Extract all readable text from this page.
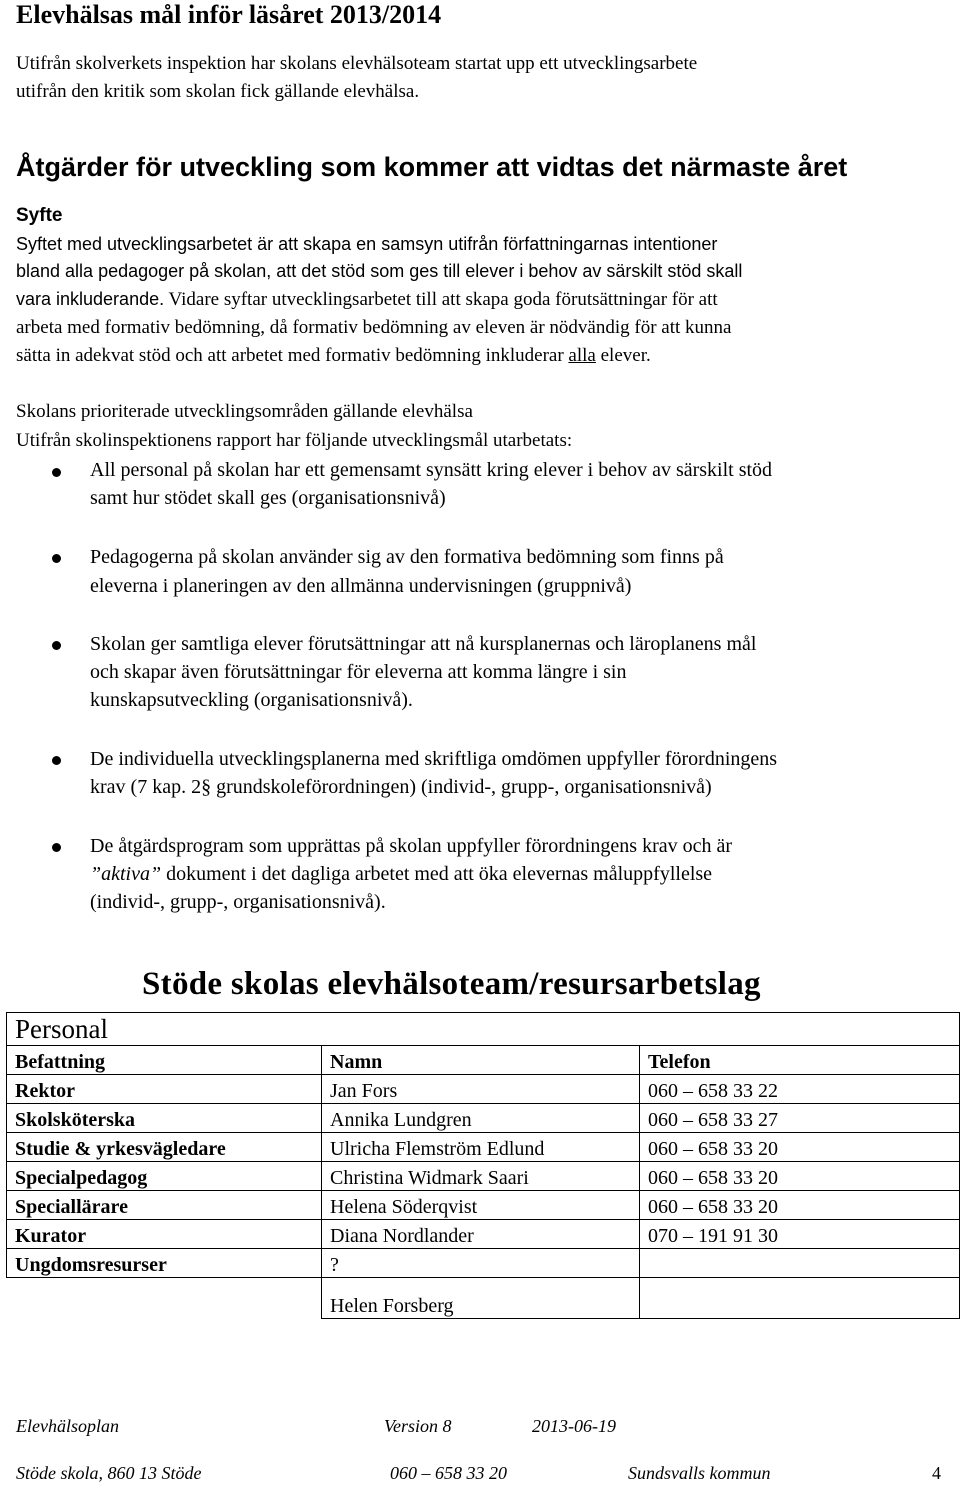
Elevhälsas mål inför läsåret 2013/2014
Utifrån skolverkets inspektion har skolans elevhälsoteam startat upp ett utvecklingsarbete
utifrån den kritik som skolan fick gällande elevhälsa.
Åtgärder för utveckling som kommer att vidtas det närmaste året
Syfte
Syftet med utvecklingsarbetet är att skapa en samsyn utifrån författningarnas intentioner
bland alla pedagoger på skolan, att det stöd som ges till elever i behov av särskilt stöd skall
vara inkluderande. Vidare syftar utvecklingsarbetet till att skapa goda förutsättningar för att
arbeta med formativ bedömning, då formativ bedömning av eleven är nödvändig för att kunna
sätta in adekvat stöd och att arbetet med formativ bedömning inkluderar alla elever.
Skolans prioriterade utvecklingsområden gällande elevhälsa
Utifrån skolinspektionens rapport har följande utvecklingsmål utarbetats:
All personal på skolan har ett gemensamt synsätt kring elever i behov av särskilt stöd
samt hur stödet skall ges (organisationsnivå)
Pedagogerna på skolan använder sig av den formativa bedömning som finns på
eleverna i planeringen av den allmänna undervisningen (gruppnivå)
Skolan ger samtliga elever förutsättningar att nå kursplanernas och läroplanens mål
och skapar även förutsättningar för eleverna att komma längre i sin
kunskapsutveckling (organisationsnivå).
De individuella utvecklingsplanerna med skriftliga omdömen uppfyller förordningens
krav (7 kap. 2§ grundskoleförordningen) (individ-, grupp-, organisationsnivå)
De åtgärdsprogram som upprättas på skolan uppfyller förordningens krav och är
”aktiva” dokument i det dagliga arbetet med att öka elevernas måluppfyllelse
(individ-, grupp-, organisationsnivå).
Stöde skolas elevhälsoteam/resursarbetslag
Personal		
Befattning	Namn	Telefon
Rektor	Jan Fors	060 – 658 33 22
Skolsköterska	Annika Lundgren	060 – 658 33 27
Studie & yrkesvägledare	Ulricha Flemström Edlund	060 – 658 33 20
Specialpedagog	Christina Widmark Saari	060 – 658 33 20
Speciallärare	Helena Söderqvist	060 – 658 33 20
Kurator	Diana Nordlander	070 – 191 91 30
Ungdomsresurser	?	
	Helen Forsberg	
Elevhälsoplan	Version 8	2013-06-19
Stöde skola, 860 13 Stöde	060 – 658 33 20	Sundsvalls kommun	4
